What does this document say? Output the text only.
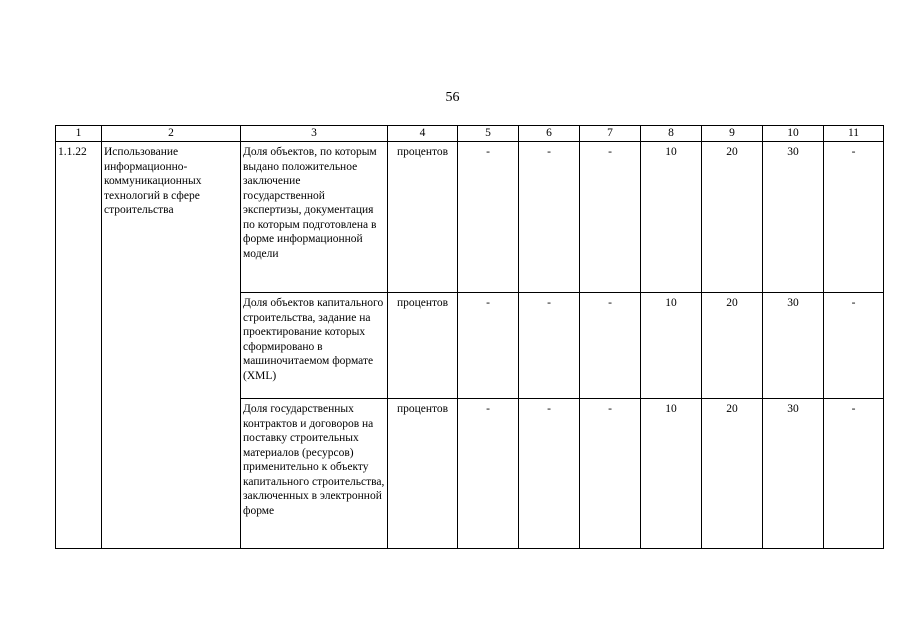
56
1	2	3	4	5	6	7	8	9	10	11
1.1.22	Использование информационно-коммуникационных технологий в сфере строительства	Доля объектов, по которым выдано положительное заключение государственной экспертизы, документация по которым подготовлена в форме информационной модели	процентов	-	-	-	10	20	30	-
		Доля объектов капитального строительства, задание на проектирование которых сформировано в машиночитаемом формате (XML)	процентов	-	-	-	10	20	30	-
		Доля государственных контрактов и договоров на поставку строительных материалов (ресурсов) применительно к объекту капитального строительства, заключенных в электронной форме	процентов	-	-	-	10	20	30	-
